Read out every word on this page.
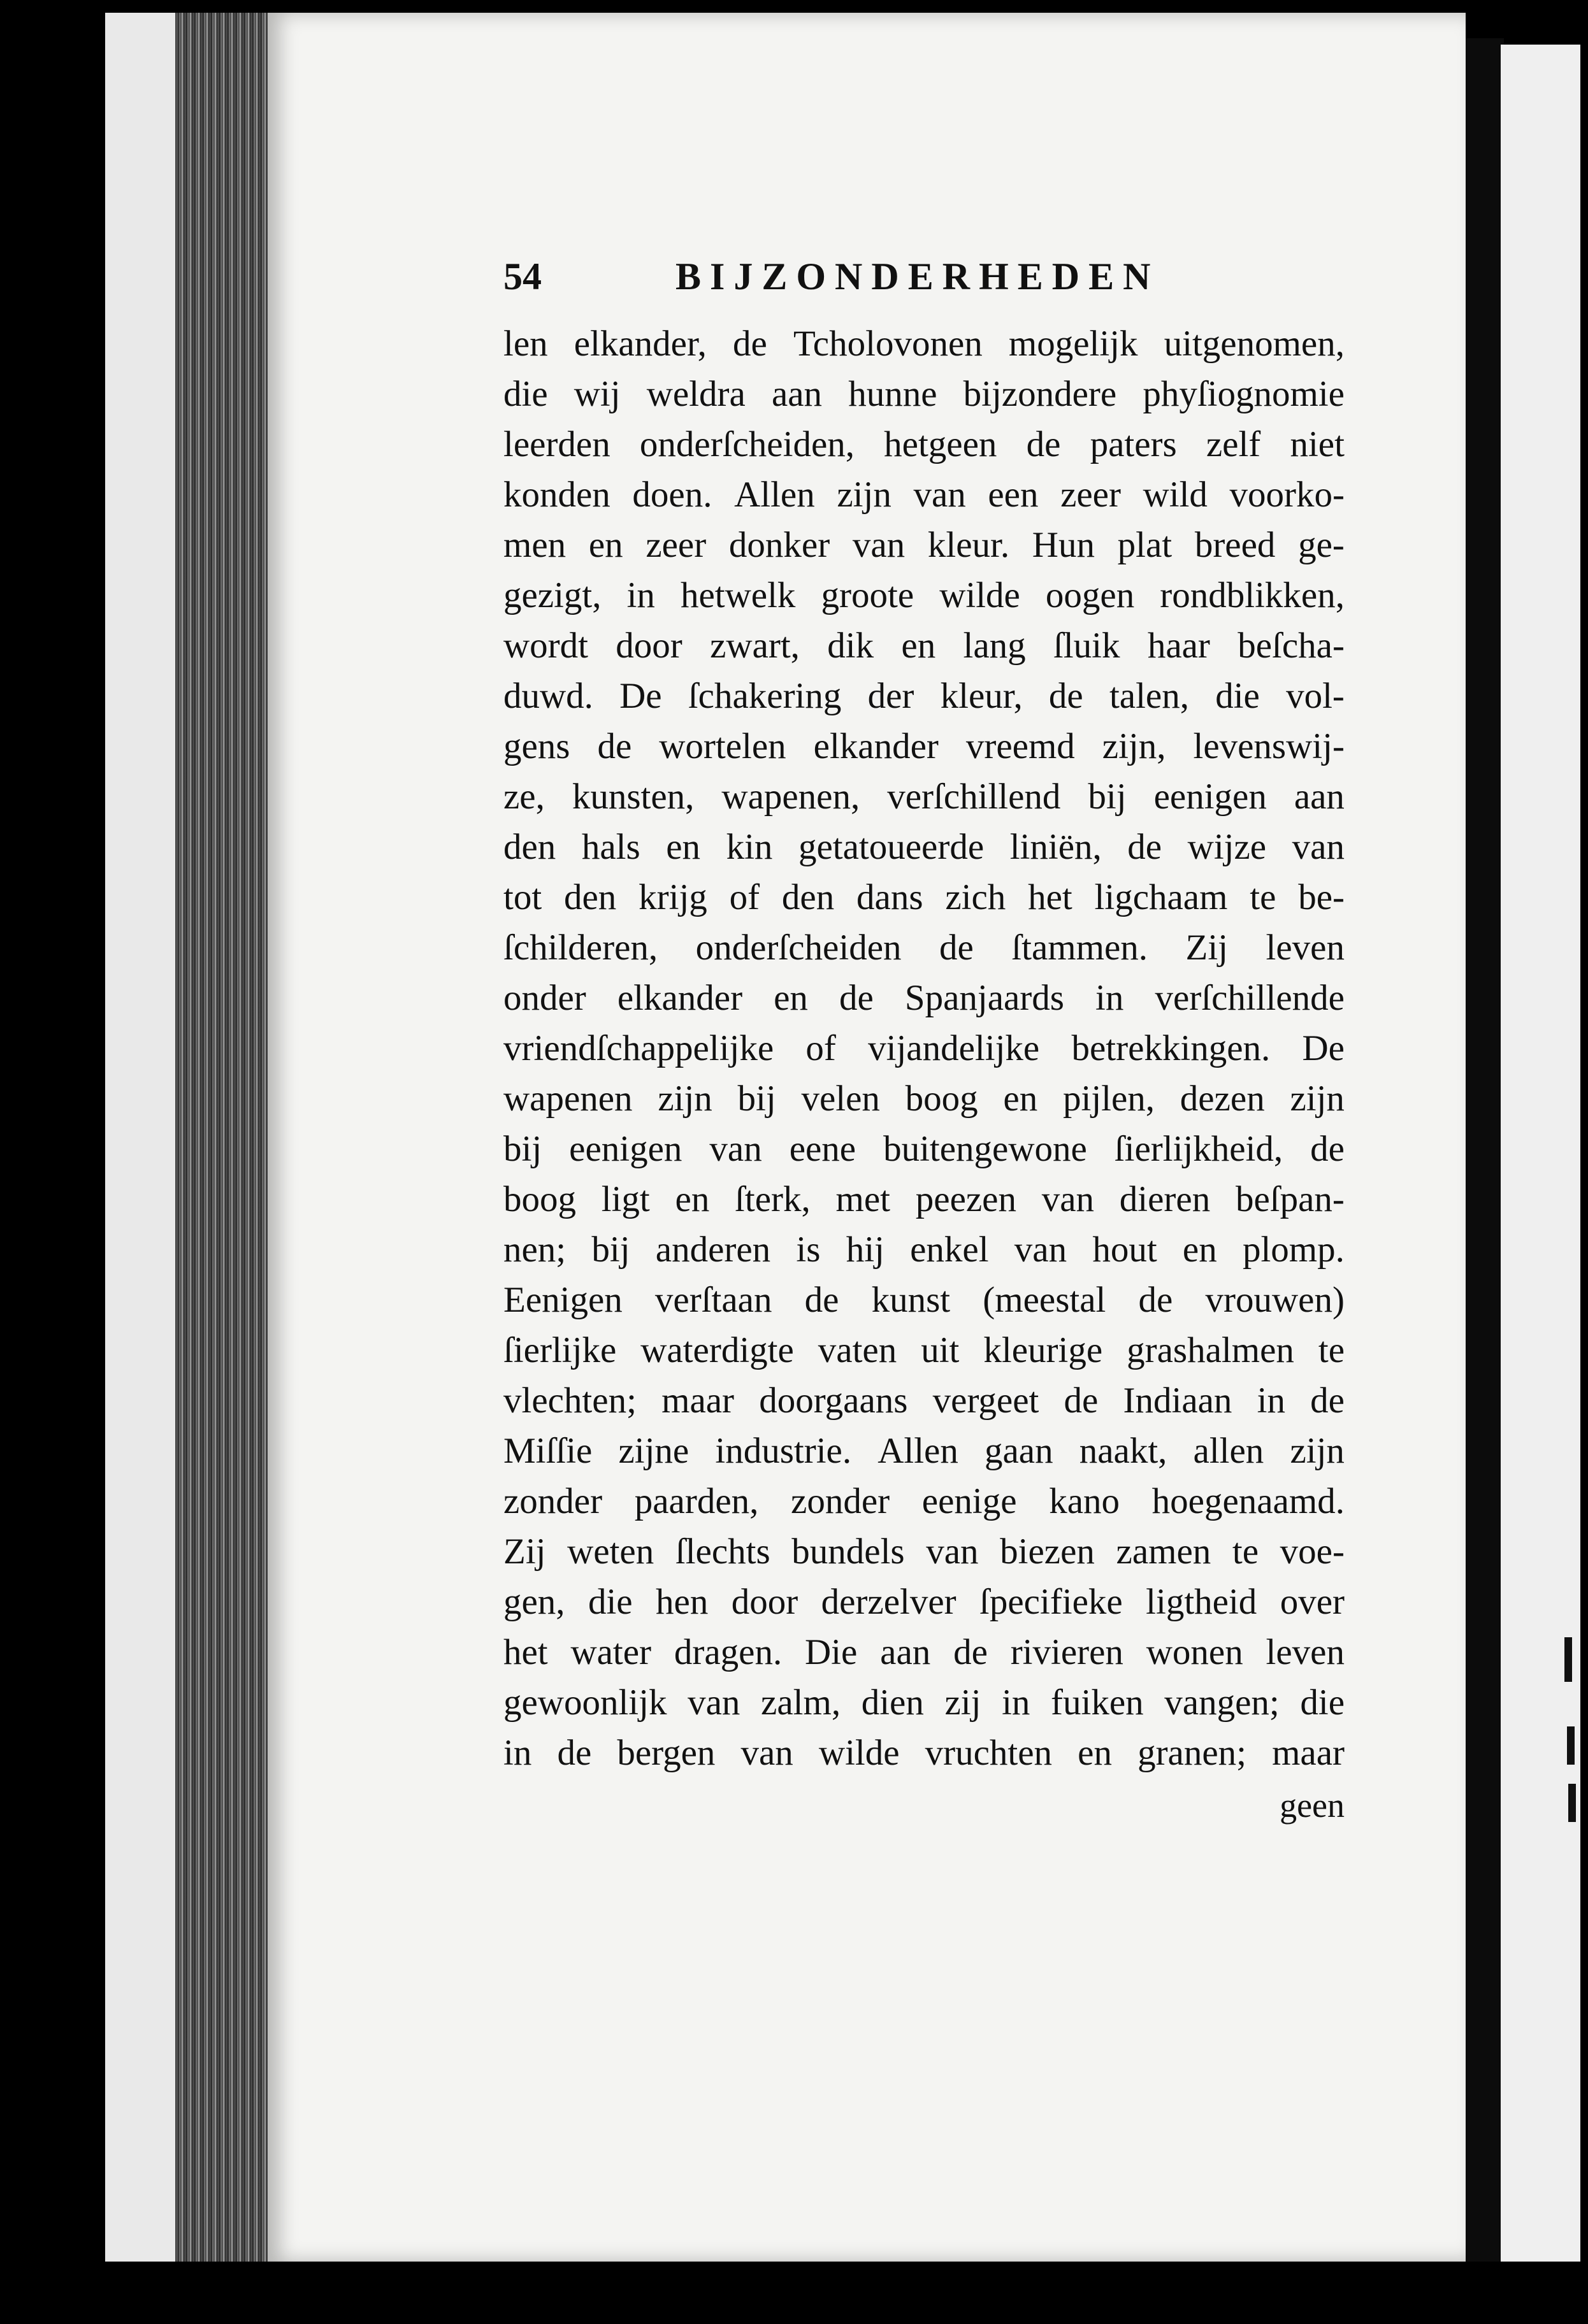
54	BIJZONDERHEDEN
len elkander, de Tcholovonen mogelijk uitgenomen,
die wij weldra aan hunne bijzondere phyſiognomie
leerden onderſcheiden, hetgeen de paters zelf niet
konden doen. Allen zijn van een zeer wild voorko-
men en zeer donker van kleur. Hun plat breed ge-
gezigt, in hetwelk groote wilde oogen rondblikken,
wordt door zwart, dik en lang ſluik haar beſcha-
duwd. De ſchakering der kleur, de talen, die vol-
gens de wortelen elkander vreemd zijn, levenswij-
ze, kunsten, wapenen, verſchillend bij eenigen aan
den hals en kin getatoueerde liniën, de wijze van
tot den krijg of den dans zich het ligchaam te be-
ſchilderen, onderſcheiden de ſtammen. Zij leven
onder elkander en de Spanjaards in verſchillende
vriendſchappelijke of vijandelijke betrekkingen. De
wapenen zijn bij velen boog en pijlen, dezen zijn
bij eenigen van eene buitengewone ſierlijkheid, de
boog ligt en ſterk, met peezen van dieren beſpan-
nen; bij anderen is hij enkel van hout en plomp.
Eenigen verſtaan de kunst (meestal de vrouwen)
ſierlijke waterdigte vaten uit kleurige grashalmen te
vlechten; maar doorgaans vergeet de Indiaan in de
Miſſie zijne industrie. Allen gaan naakt, allen zijn
zonder paarden, zonder eenige kano hoegenaamd.
Zij weten ſlechts bundels van biezen zamen te voe-
gen, die hen door derzelver ſpecifieke ligtheid over
het water dragen. Die aan de rivieren wonen leven
gewoonlijk van zalm, dien zij in fuiken vangen; die
in de bergen van wilde vruchten en granen; maar
geen
